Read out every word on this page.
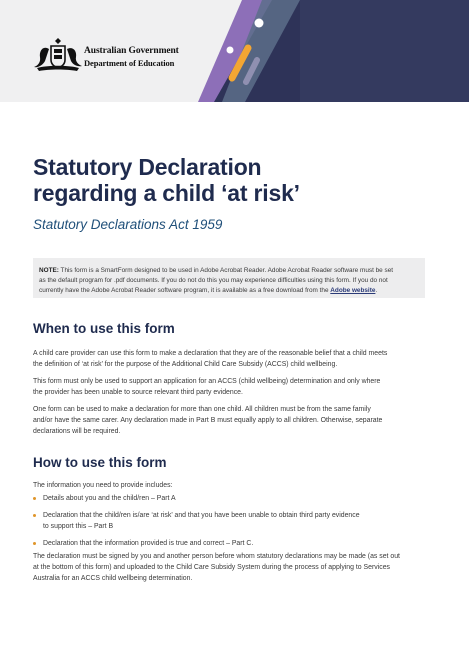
Australian Government
Department of Education
Statutory Declaration
regarding a child ‘at risk’

Statutory Declarations Act 1959

NOTE: This form is a SmartForm designed to be used in Adobe Acrobat Reader. Adobe Acrobat Reader software must be set
as the default program for .pdf documents. If you do not do this you may experience difficulties using this form. If you do not
currently have the Adobe Acrobat Reader software program, it is available as a free download from the Adobe website.
When to use this form

A child care provider can use this form to make a declaration that they are of the reasonable belief that a child meets
the definition of ‘at risk’ for the purpose of the Additional Child Care Subsidy (ACCS) child wellbeing.

This form must only be used to support an application for an ACCS (child wellbeing) determination and only where
the provider has been unable to source relevant third party evidence.

One form can be used to make a declaration for more than one child. All children must be from the same family
and/or have the same carer. Any declaration made in Part B must equally apply to all children. Otherwise, separate
declarations will be required.

How to use this form

The information you need to provide includes:

Details about you and the child/ren – Part A
Declaration that the child/ren is/are ‘at risk’ and that you have been unable to obtain third party evidence
to support this – Part B
Declaration that the information provided is true and correct – Part C.

The declaration must be signed by you and another person before whom statutory declarations may be made (as set out
at the bottom of this form) and uploaded to the Child Care Subsidy System during the process of applying to Services
Australia for an ACCS child wellbeing determination.
